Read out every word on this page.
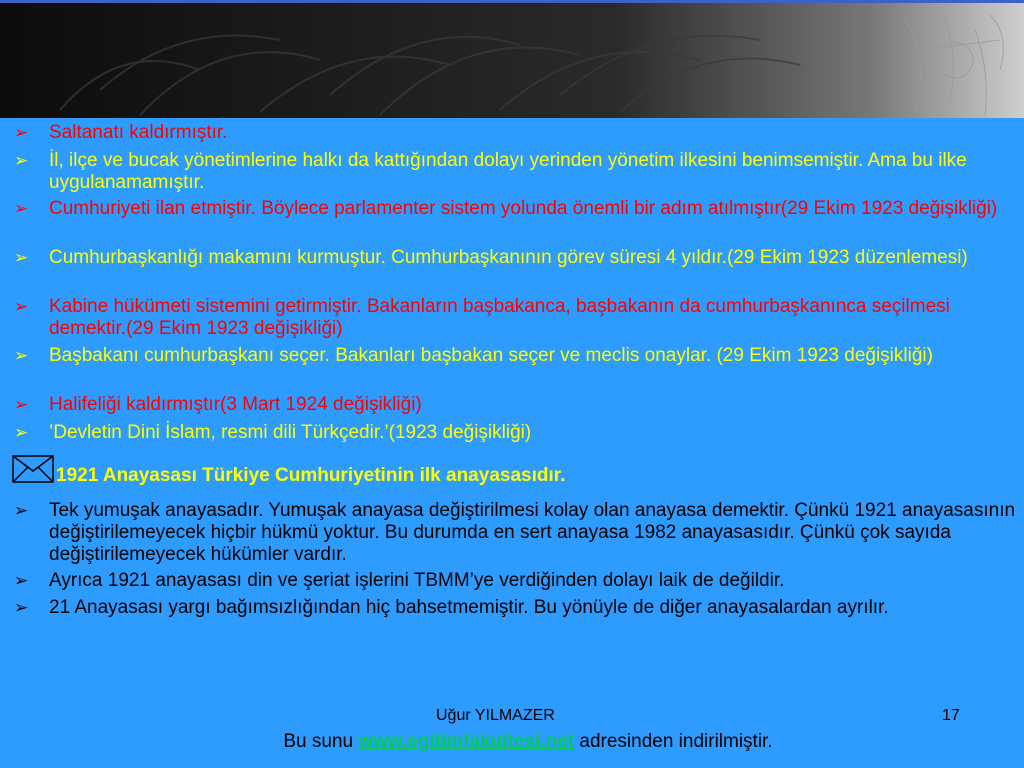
➢ Saltanatı kaldırmıştır.
➢ İl, ilçe ve bucak yönetimlerine halkı da kattığından dolayı yerinden yönetim ilkesini benimsemiştir. Ama bu ilke uygulanamamıştır.
➢ Cumhuriyeti ilan etmiştir. Böylece parlamenter sistem yolunda önemli bir adım atılmıştır(29 Ekim 1923 değişikliği)
➢ Cumhurbaşkanlığı makamını kurmuştur. Cumhurbaşkanının görev süresi 4 yıldır.(29 Ekim 1923 düzenlemesi)
➢ Kabine hükümeti sistemini getirmiştir. Bakanların başbakanca, başbakanın da cumhurbaşkanınca seçilmesi demektir.(29 Ekim 1923 değişikliği)
➢ Başbakanı cumhurbaşkanı seçer. Bakanları başbakan seçer ve meclis onaylar. (29 Ekim 1923 değişikliği)
➢ Halifeliği kaldırmıştır(3 Mart 1924 değişikliği)
➢ ’Devletin Dini İslam, resmi dili Türkçedir.’(1923 değişikliği)
1921 Anayasası Türkiye Cumhuriyetinin ilk anayasasıdır.
➢ Tek yumuşak anayasadır. Yumuşak anayasa değiştirilmesi kolay olan anayasa demektir. Çünkü 1921 anayasasının değiştirilemeyecek hiçbir hükmü yoktur. Bu durumda en sert anayasa 1982 anayasasıdır. Çünkü çok sayıda değiştirilemeyecek hükümler vardır.
➢ Ayrıca 1921 anayasası din ve şeriat işlerini TBMM’ye verdiğinden dolayı laik de değildir.
➢ 21 Anayasası yargı bağımsızlığından hiç bahsetmemiştir. Bu yönüyle de diğer anayasalardan ayrılır.
Uğur YILMAZER	17
Bu sunu www.egitimfakultesi.net adresinden indirilmiştir.
